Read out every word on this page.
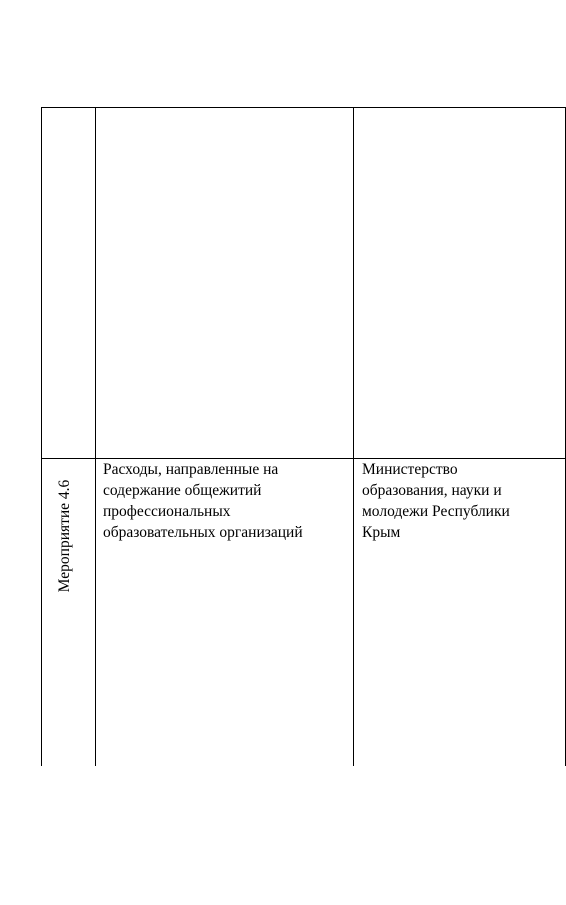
Мероприятие 4.6
Расходы, направленные на
содержание общежитий
профессиональных
образовательных организаций
Министерство
образования, науки и
молодежи Республики
Крым
